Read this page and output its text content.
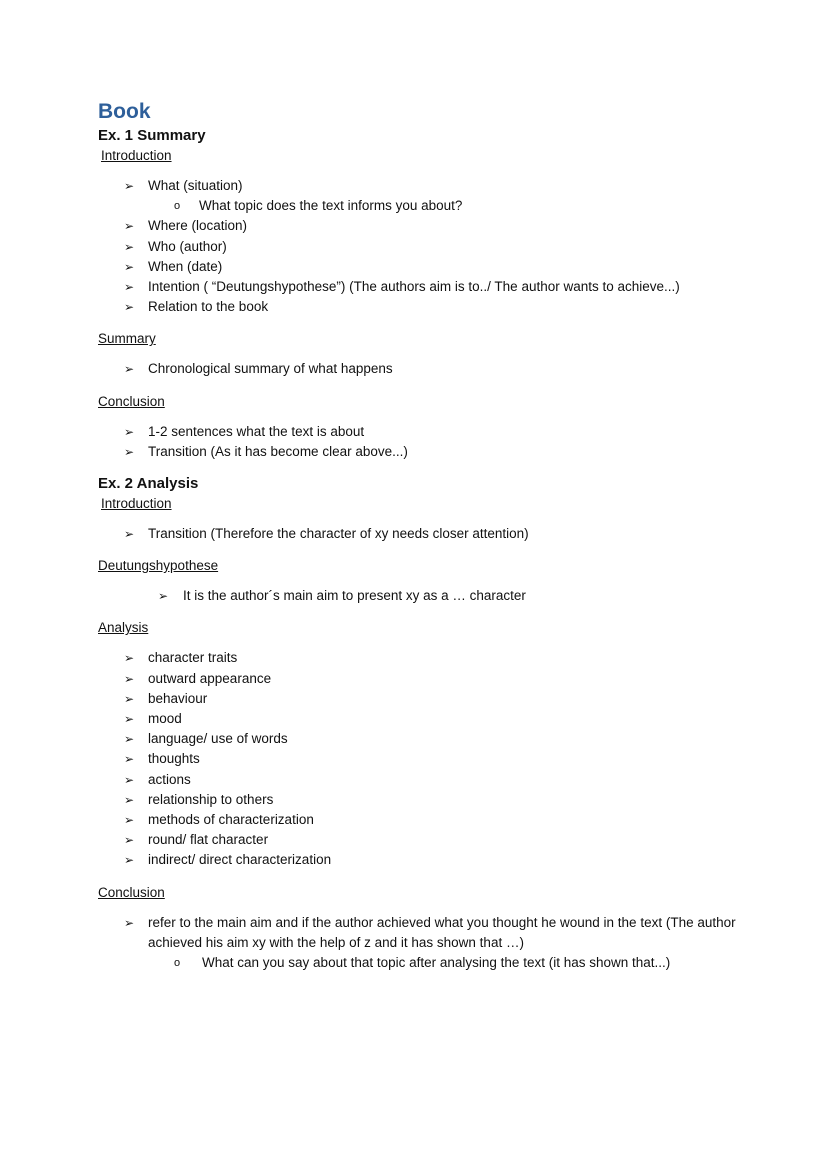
Book
Ex. 1 Summary
Introduction
➢ What (situation)
o What topic does the text informs you about?
➢ Where (location)
➢ Who (author)
➢ When (date)
➢ Intention ( “Deutungshypothese”) (The authors aim is to../ The author wants to achieve...)
➢ Relation to the book
Summary
➢ Chronological summary of what happens
Conclusion
➢ 1-2 sentences what the text is about
➢ Transition (As it has become clear above...)
Ex. 2 Analysis
Introduction
➢ Transition (Therefore the character of xy needs closer attention)
Deutungshypothese
➢ It is the author´s main aim to present xy as a … character
Analysis
➢ character traits
➢ outward appearance
➢ behaviour
➢ mood
➢ language/ use of words
➢ thoughts
➢ actions
➢ relationship to others
➢ methods of characterization
➢ round/ flat character
➢ indirect/ direct characterization
Conclusion
➢ refer to the main aim and if the author achieved what you thought he wound in the text (The author achieved his aim xy with the help of z and it has shown that …)
o What can you say about that topic after analysing the text (it has shown that...)
